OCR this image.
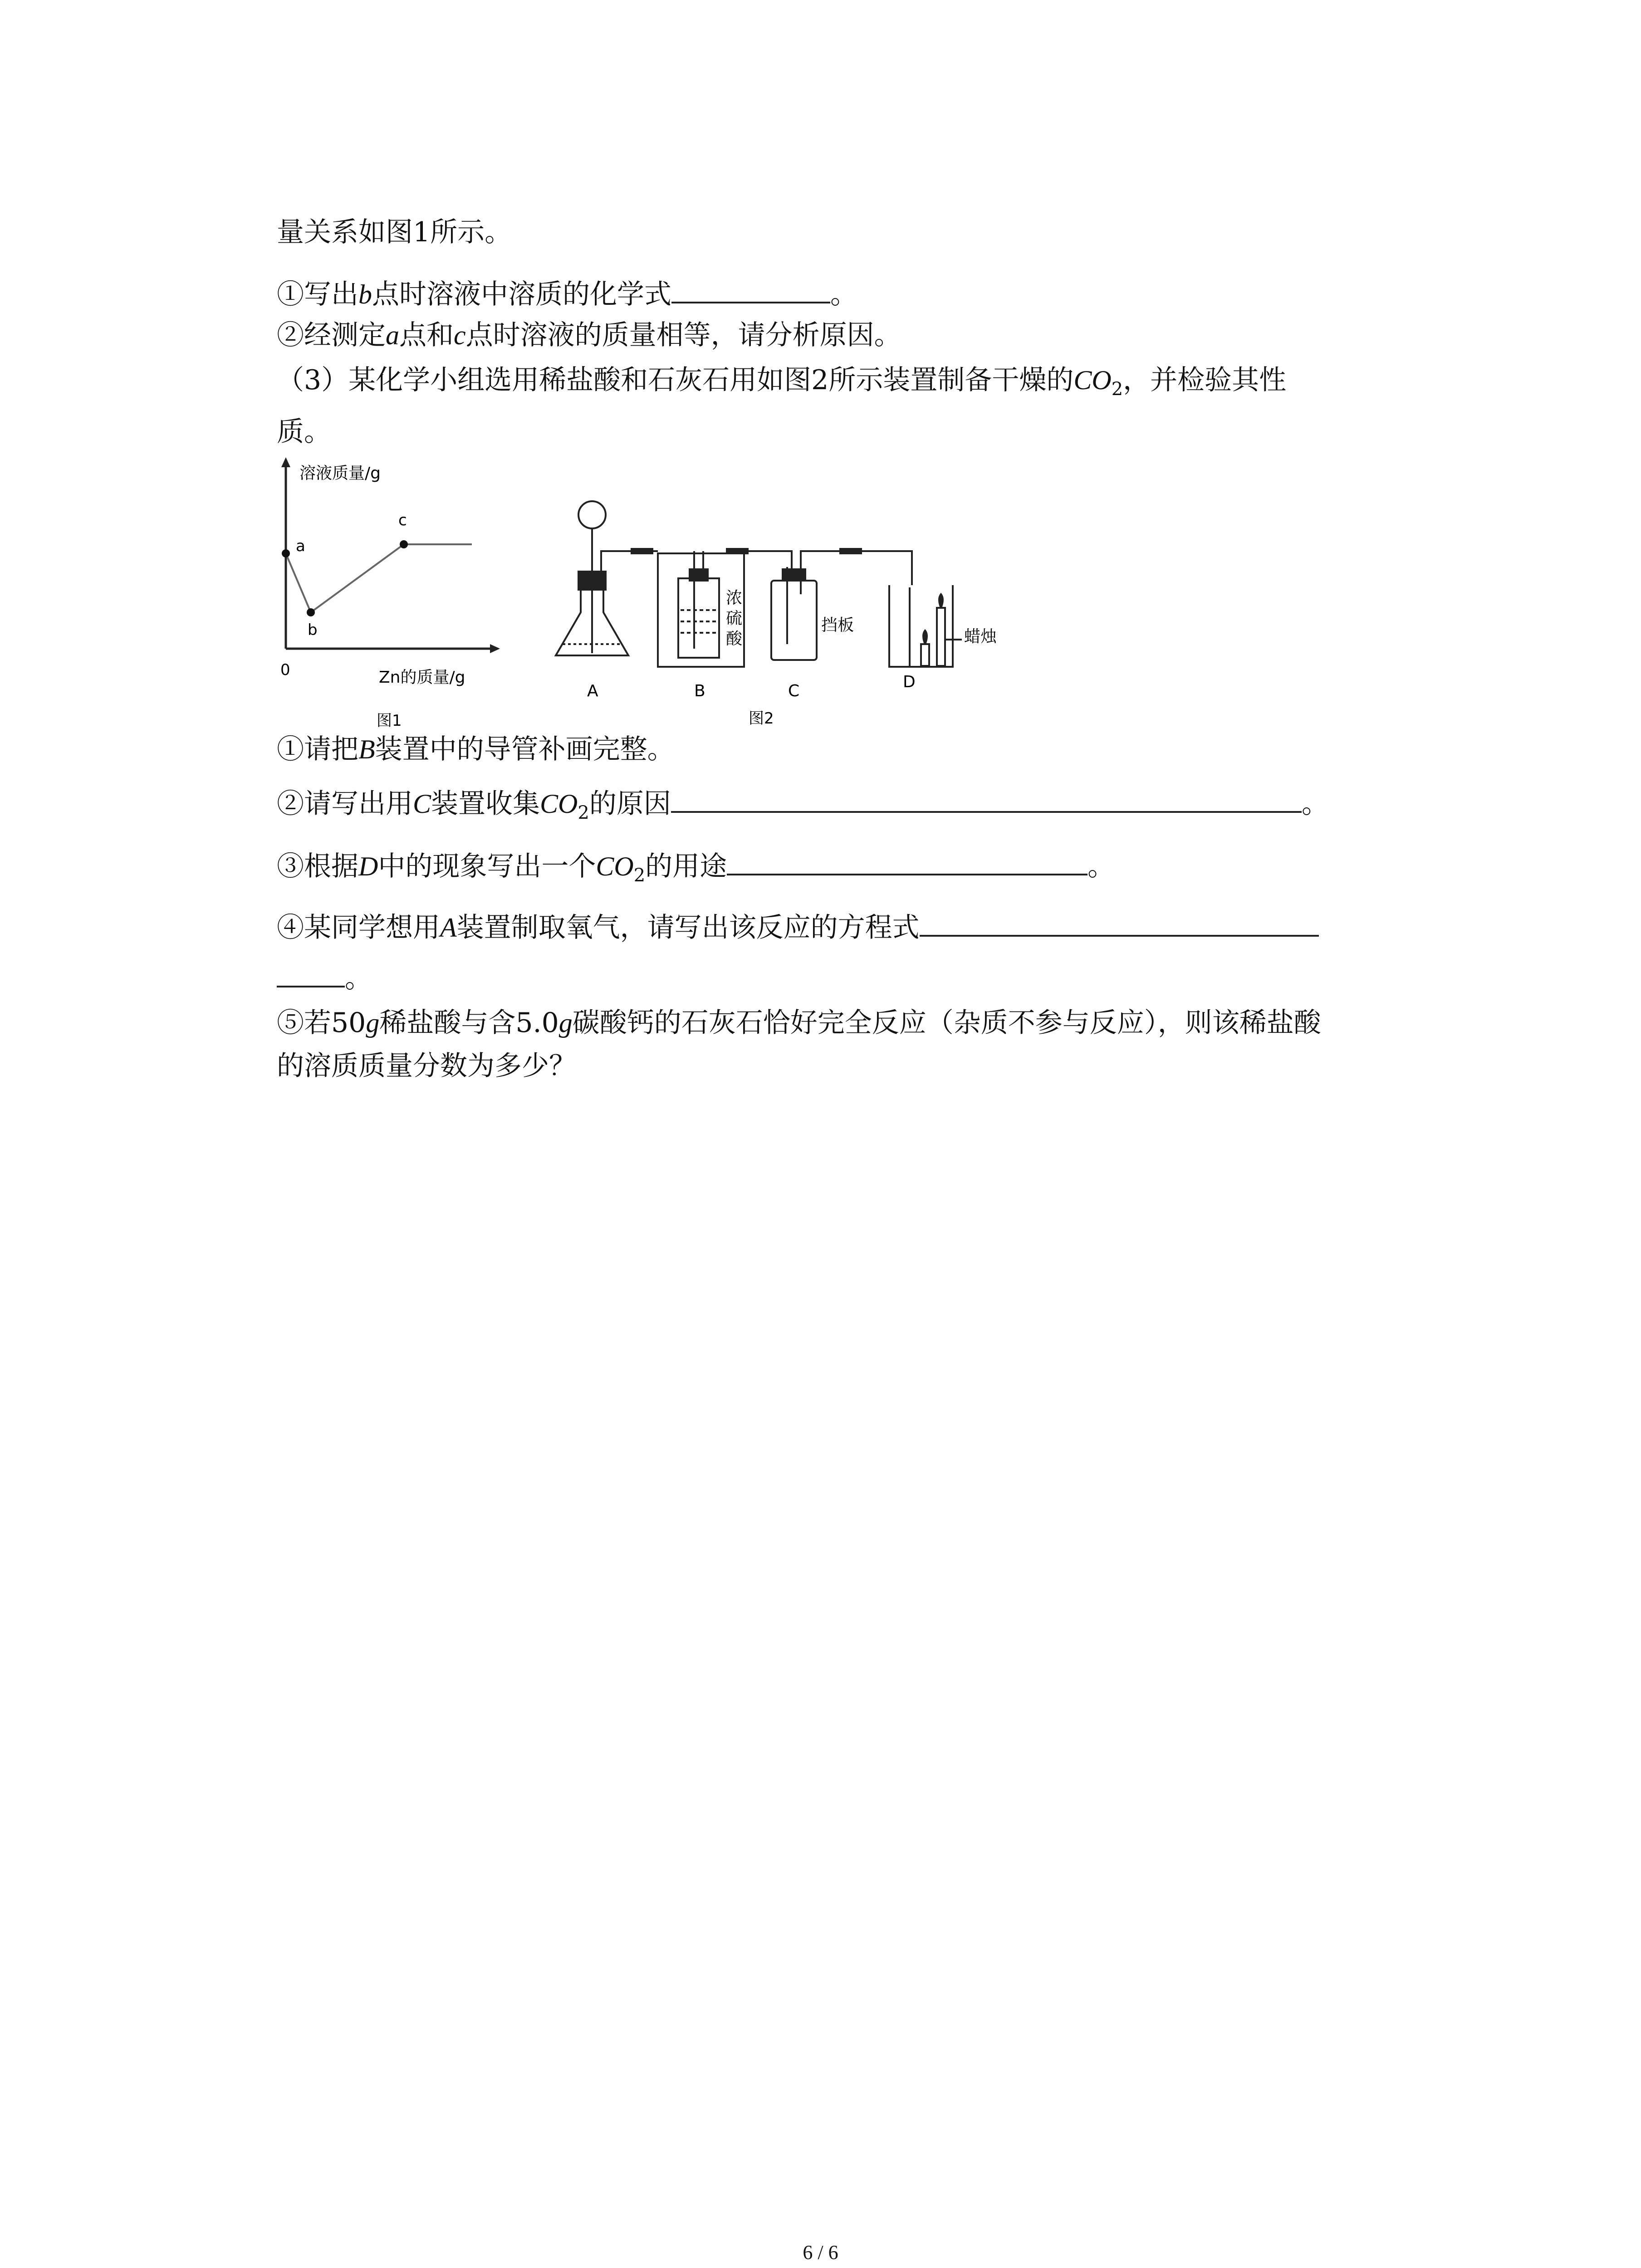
量关系如图1所示。
①写出b点时溶液中溶质的化学式	。
②经测定a点和c点时溶液的质量相等，请分析原因。
（3）某化学小组选用稀盐酸和石灰石用如图2所示装置制备干燥的$CO_2$，并检验其性
质。
溶液质量/g
Zn的质量/g
0
a
b
c
图1
A
浓
硫
酸
B	C
挡板
蜡烛
D
图2
①请把B装置中的导管补画完整。
②请写出用C装置收集$CO_2$的原因	。
③根据D中的现象写出一个$CO_2$的用途	。
④某同学想用A装置制取氧气，请写出该反应的方程式
。
⑤若50g稀盐酸与含5.0g碳酸钙的石灰石恰好完全反应（杂质不参与反应），则该稀盐酸
的溶质质量分数为多少？
6 / 6
